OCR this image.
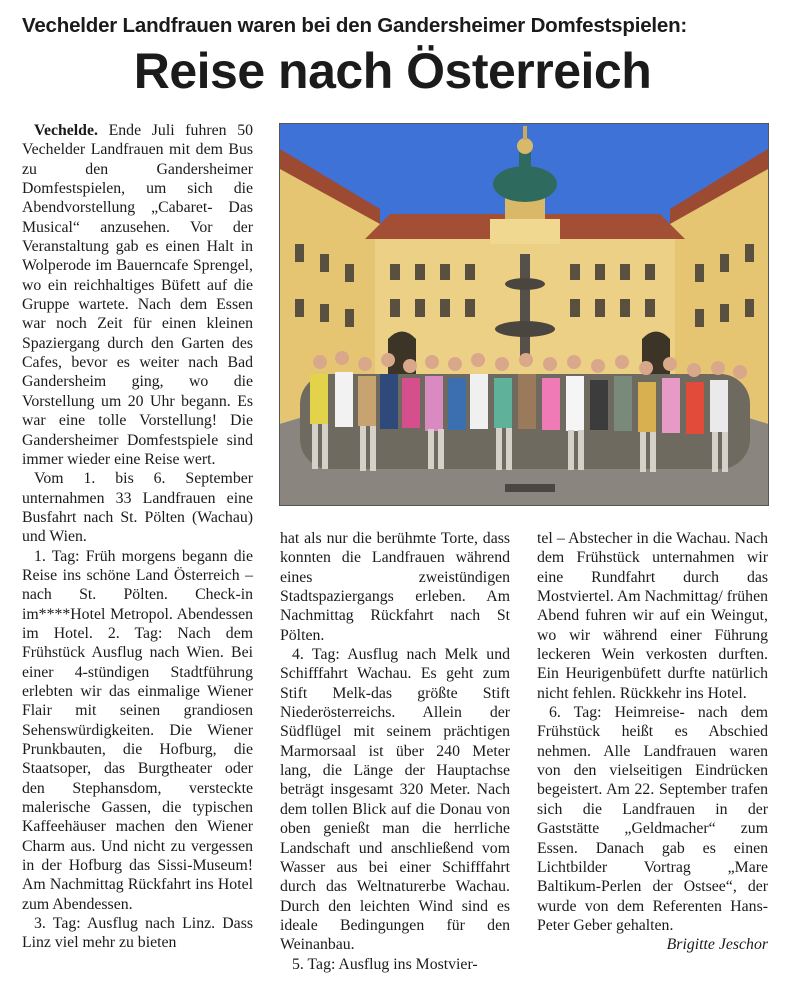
Vechelder Landfrauen waren bei den Gandersheimer Domfestspielen:
Reise nach Österreich

Vechelde. Ende Juli fuhren 50 Vechelder Landfrauen mit dem Bus zu den Gandersheimer Domfestspielen, um sich die Abendvorstellung „Cabaret- Das Musical“ anzusehen. Vor der Veranstaltung gab es einen Halt in Wolperode im Bauerncafe Sprengel, wo ein reichhaltiges Büfett auf die Gruppe wartete. Nach dem Essen war noch Zeit für einen kleinen Spaziergang durch den Garten des Cafes, bevor es weiter nach Bad Gandersheim ging, wo die Vorstellung um 20 Uhr begann. Es war eine tolle Vorstellung! Die Gandersheimer Domfestspiele sind immer wieder eine Reise wert.

Vom 1. bis 6. September unternahmen 33 Landfrauen eine Busfahrt nach St. Pölten (Wachau) und Wien.

1. Tag: Früh morgens begann die Reise ins schöne Land Österreich – nach St. Pölten. Check-in im****Hotel Metropol. Abendessen im Hotel. 2. Tag: Nach dem Frühstück Ausflug nach Wien. Bei einer 4-stündigen Stadtführung erlebten wir das einmalige Wiener Flair mit seinen grandiosen Sehenswürdigkeiten. Die Wiener Prunkbauten, die Hofburg, die Staatsoper, das Burgtheater oder den Stephansdom, versteckte malerische Gassen, die typischen Kaffeehäuser machen den Wiener Charm aus. Und nicht zu vergessen in der Hofburg das Sissi-Museum! Am Nachmittag Rückfahrt ins Hotel zum Abendessen.

3. Tag: Ausflug nach Linz. Dass Linz viel mehr zu bieten

hat als nur die berühmte Torte, dass konnten die Landfrauen während eines zweistündigen Stadtspaziergangs erleben. Am Nachmittag Rückfahrt nach St Pölten.

4. Tag: Ausflug nach Melk und Schifffahrt Wachau. Es geht zum Stift Melk-das größte Stift Niederösterreichs. Allein der Südflügel mit seinem prächtigen Marmorsaal ist über 240 Meter lang, die Länge der Hauptachse beträgt insgesamt 320 Meter. Nach dem tollen Blick auf die Donau von oben genießt man die herrliche Landschaft und anschließend vom Wasser aus bei einer Schifffahrt durch das Weltnaturerbe Wachau. Durch den leichten Wind sind es ideale Bedingungen für den Weinanbau.

5. Tag: Ausflug ins Mostvier-

tel – Abstecher in die Wachau. Nach dem Frühstück unternahmen wir eine Rundfahrt durch das Mostviertel. Am Nachmittag/ frühen Abend fuhren wir auf ein Weingut, wo wir während einer Führung leckeren Wein verkosten durften. Ein Heurigenbüfett durfte natürlich nicht fehlen. Rückkehr ins Hotel.

6. Tag: Heimreise- nach dem Frühstück heißt es Abschied nehmen. Alle Landfrauen waren von den vielseitigen Eindrücken begeistert. Am 22. September trafen sich die Landfrauen in der Gaststätte „Geldmacher“ zum Essen. Danach gab es einen Lichtbilder Vortrag „Mare Baltikum-Perlen der Ostsee“, der wurde von dem Referenten Hans-Peter Geber gehalten.

Brigitte Jeschor
